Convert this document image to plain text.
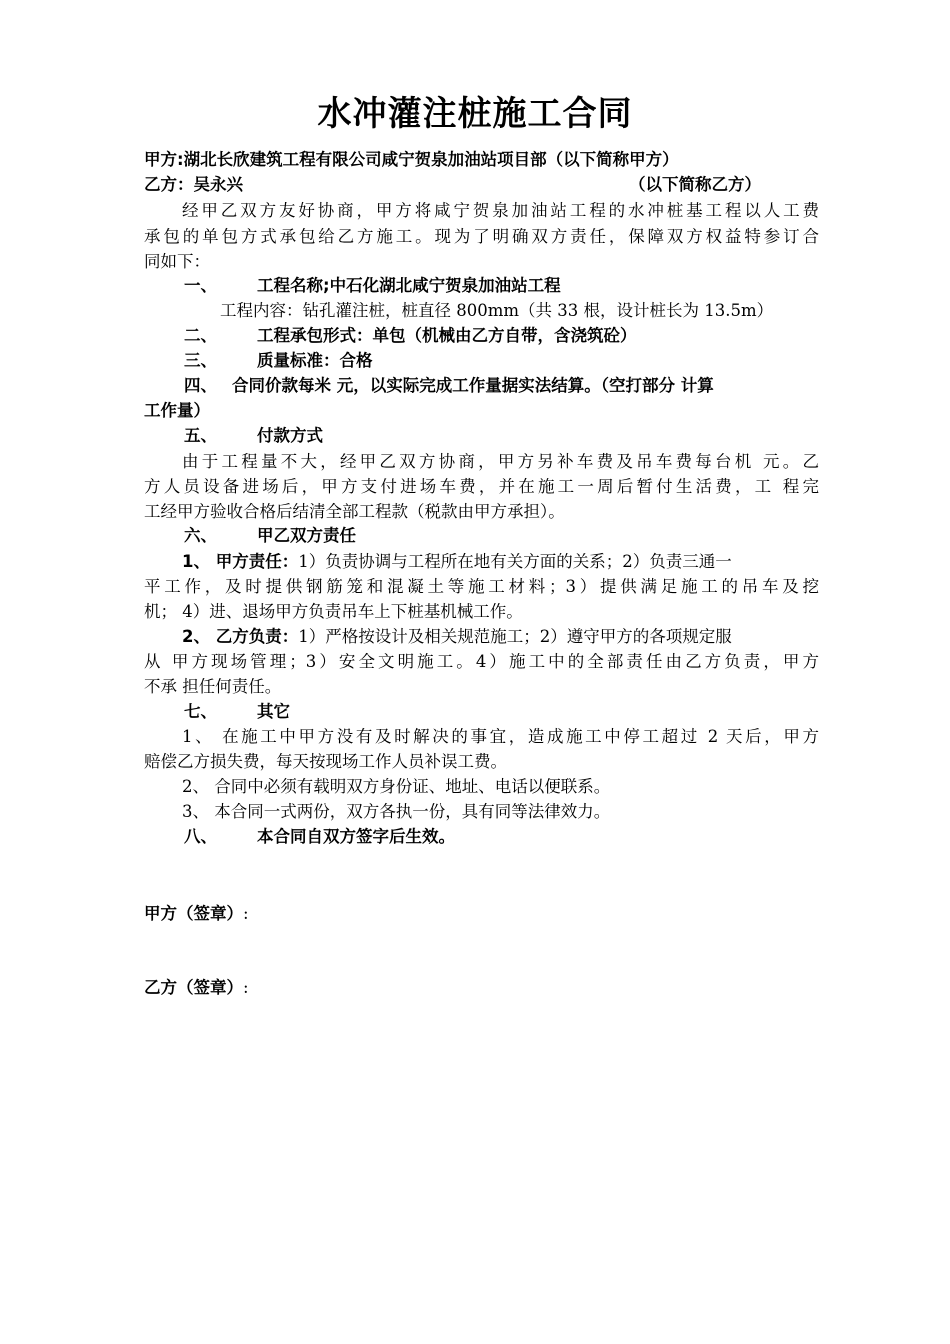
水冲灌注桩施工合同
甲方:湖北长欣建筑工程有限公司咸宁贺泉加油站项目部（以下简称甲方）
乙方：吴永兴	（以下简称乙方）
经甲乙双方友好协商，甲方将咸宁贺泉加油站工程的水冲桩基工程以人工费
承包的单包方式承包给乙方施工。现为了明确双方责任，保障双方权益特参订合
同如下：
一、 工程名称;中石化湖北咸宁贺泉加油站工程
工程内容：钻孔灌注桩，桩直径 800mm（共 33 根，设计桩长为 13.5m）
二、 工程承包形式：单包（机械由乙方自带，含浇筑砼）
三、 质量标准：合格
四、 合同价款每米 元，以实际完成工作量据实法结算。（空打部分 计算
工作量）
五、 付款方式
由于工程量不大，经甲乙双方协商，甲方另补车费及吊车费每台机 元。乙
方人员设备进场后，甲方支付进场车费，并在施工一周后暂付生活费，工 程完
工经甲方验收合格后结清全部工程款（税款由甲方承担）。
六、 甲乙双方责任
1、 甲方责任：1）负责协调与工程所在地有关方面的关系；2）负责三通一
平工作，及时提供钢筋笼和混凝土等施工材料；3）提供满足施工的吊车及挖
机； 4）进、退场甲方负责吊车上下桩基机械工作。
2、 乙方负责：1）严格按设计及相关规范施工；2）遵守甲方的各项规定服
从 甲方现场管理；3）安全文明施工。4）施工中的全部责任由乙方负责，甲方
不承 担任何责任。
七、 其它
1、 在施工中甲方没有及时解决的事宜，造成施工中停工超过 2 天后，甲方
赔偿乙方损失费，每天按现场工作人员补误工费。
2、 合同中必须有载明双方身份证、地址、电话以便联系。
3、 本合同一式两份，双方各执一份，具有同等法律效力。
八、 本合同自双方签字后生效。
甲方（签章）:
乙方（签章）:
